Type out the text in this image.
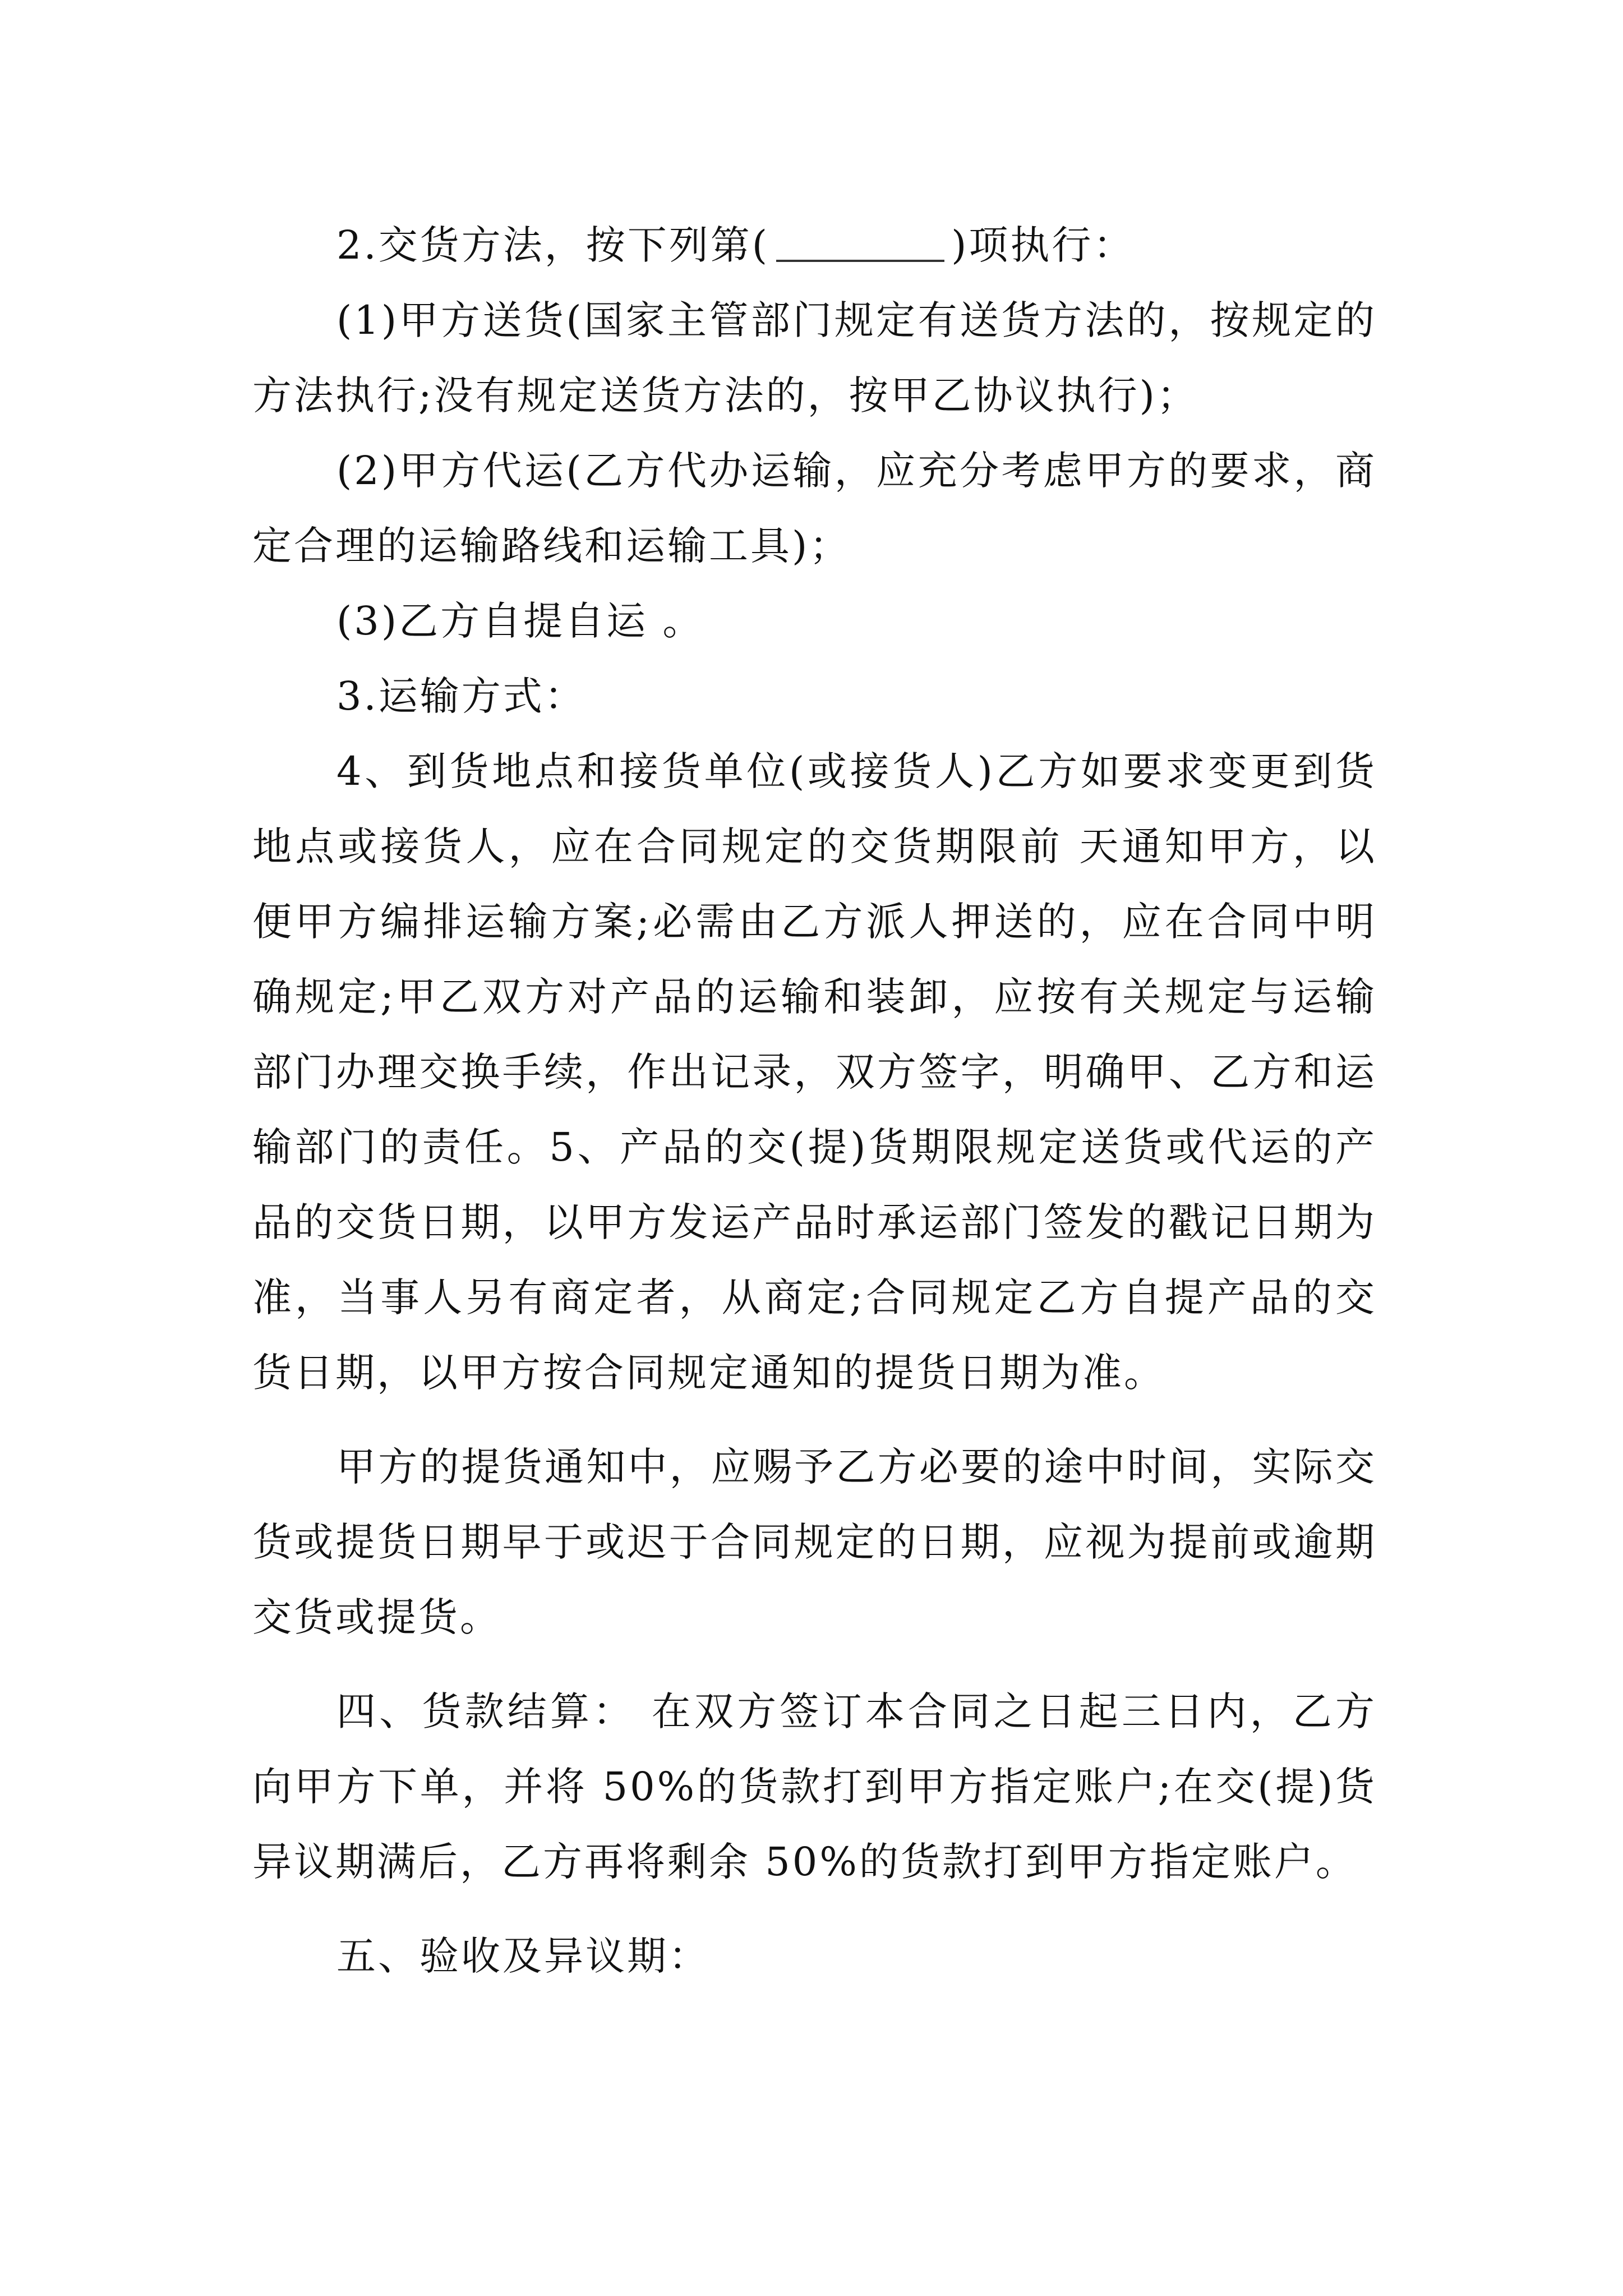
2.交货方法，按下列第(	)项执行：

(1)甲方送货(国家主管部门规定有送货方法的，按规定的方法执行;没有规定送货方法的，按甲乙协议执行)；

(2)甲方代运(乙方代办运输，应充分考虑甲方的要求，商定合理的运输路线和运输工具)；

(3)乙方自提自运 。

3.运输方式：

4、到货地点和接货单位(或接货人)乙方如要求变更到货地点或接货人，应在合同规定的交货期限前 天通知甲方，以便甲方编排运输方案;必需由乙方派人押送的，应在合同中明确规定;甲乙双方对产品的运输和装卸，应按有关规定与运输部门办理交换手续，作出记录，双方签字，明确甲、乙方和运输部门的责任。5、产品的交(提)货期限规定送货或代运的产品的交货日期，以甲方发运产品时承运部门签发的戳记日期为准，当事人另有商定者，从商定;合同规定乙方自提产品的交货日期，以甲方按合同规定通知的提货日期为准。

甲方的提货通知中，应赐予乙方必要的途中时间，实际交货或提货日期早于或迟于合同规定的日期，应视为提前或逾期交货或提货。

四、货款结算： 在双方签订本合同之日起三日内，乙方向甲方下单，并将 50%的货款打到甲方指定账户;在交(提)货异议期满后，乙方再将剩余 50%的货款打到甲方指定账户。

五、验收及异议期：
